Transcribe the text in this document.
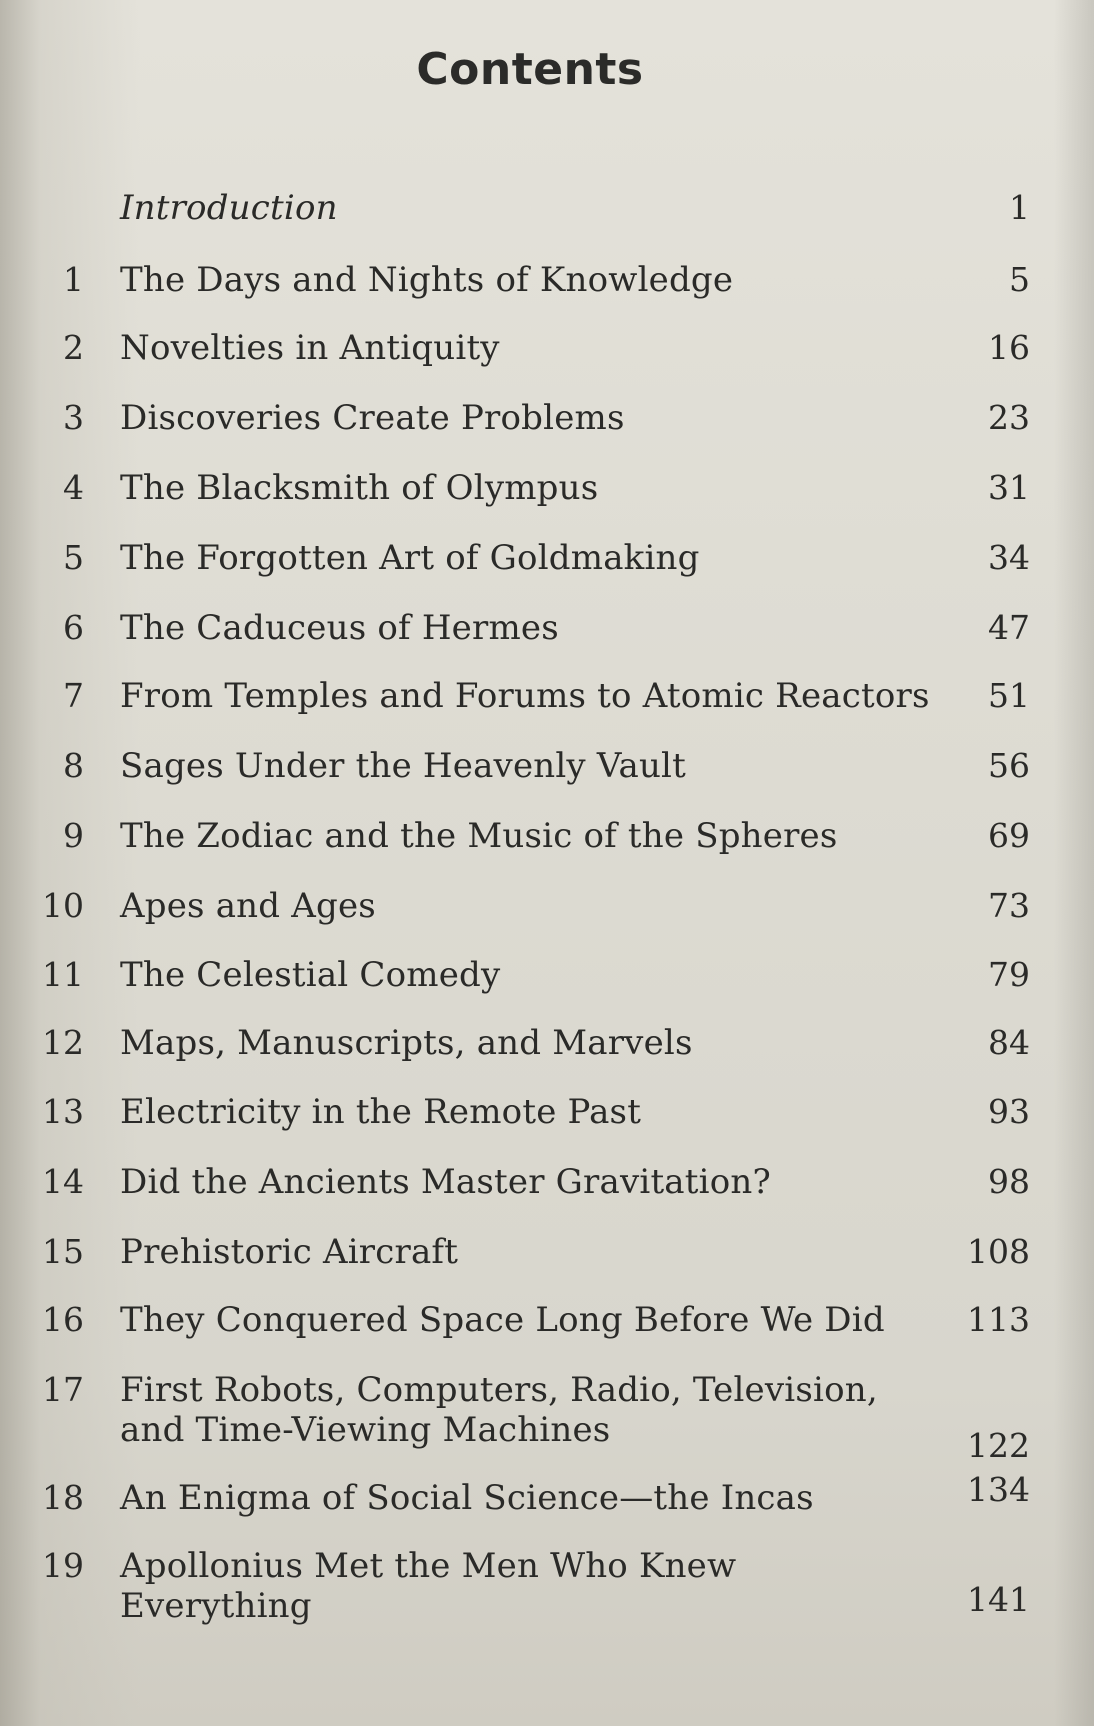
Contents
Introduction	1
1 The Days and Nights of Knowledge	5
2 Novelties in Antiquity	16
3 Discoveries Create Problems	23
4 The Blacksmith of Olympus	31
5 The Forgotten Art of Goldmaking	34
6 The Caduceus of Hermes	47
7 From Temples and Forums to Atomic Reactors	51
8 Sages Under the Heavenly Vault	56
9 The Zodiac and the Music of the Spheres	69
10 Apes and Ages	73
11 The Celestial Comedy	79
12 Maps, Manuscripts, and Marvels	84
13 Electricity in the Remote Past	93
14 Did the Ancients Master Gravitation?	98
15 Prehistoric Aircraft	108
16 They Conquered Space Long Before We Did	113
17 First Robots, Computers, Radio, Television, and Time-Viewing Machines	122
18 An Enigma of Social Science—the Incas	134
19 Apollonius Met the Men Who Knew Everything	141
